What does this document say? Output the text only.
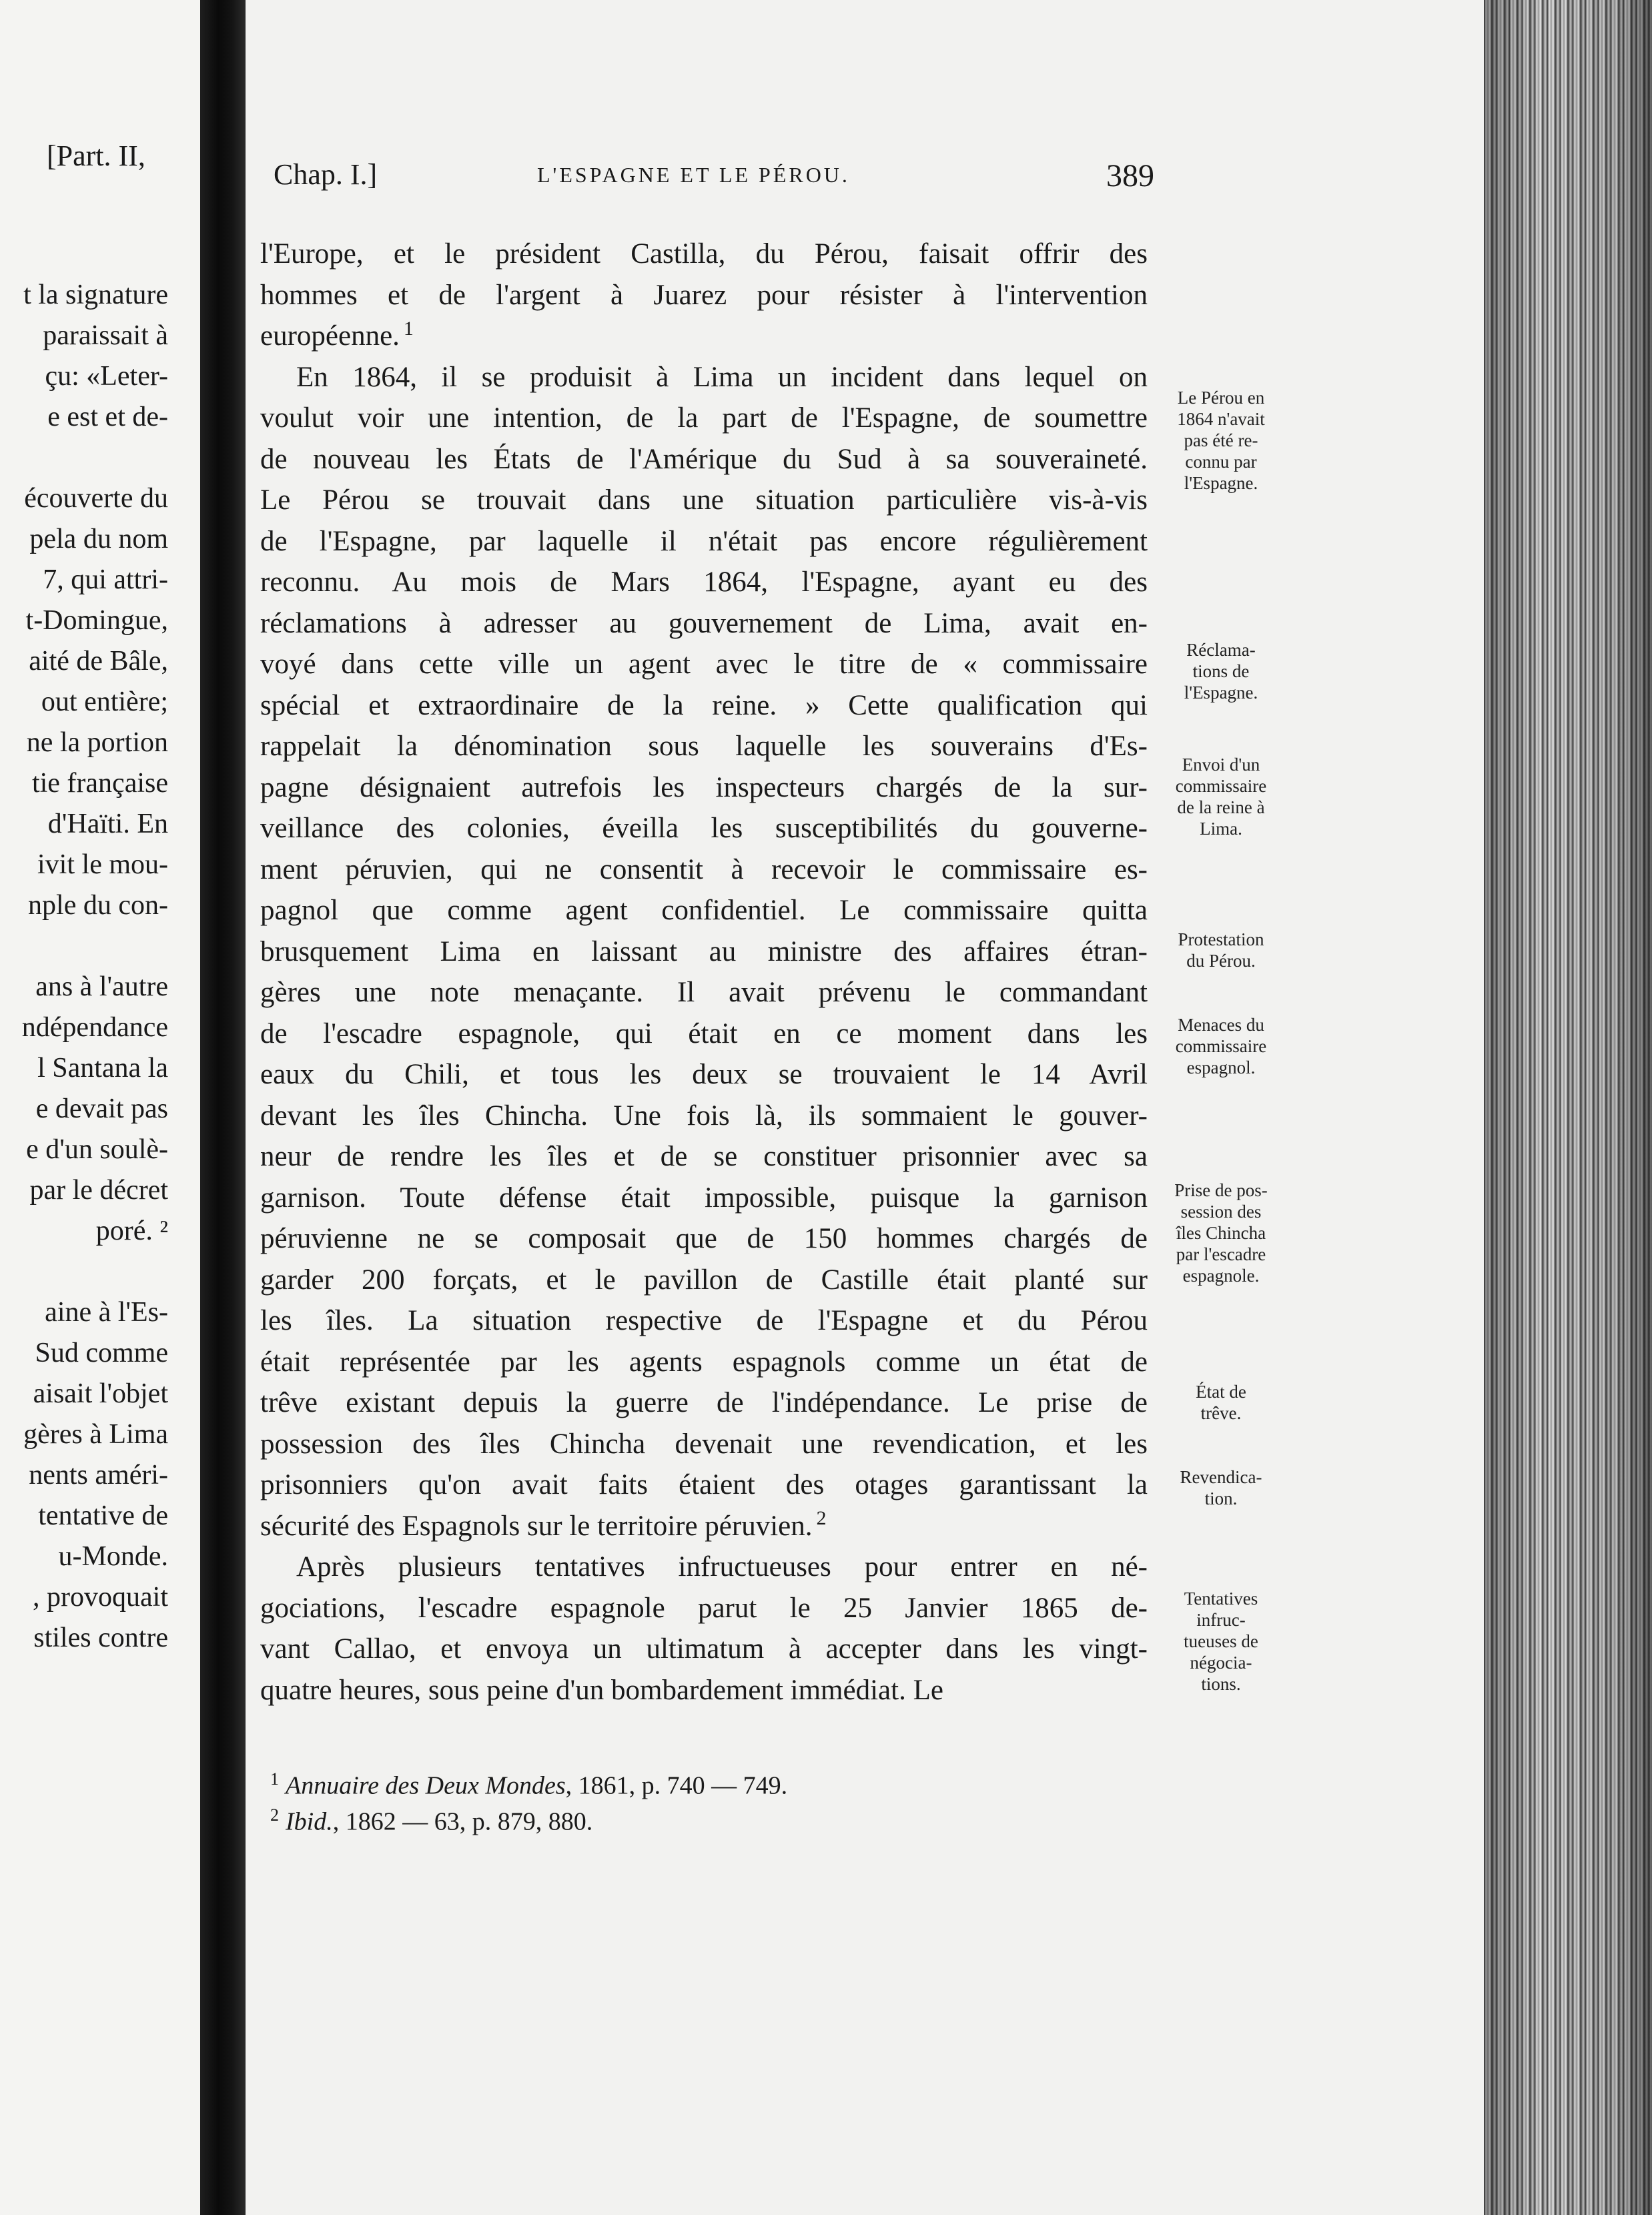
[Part. II,
t la signature
paraissait à
çu: «Leter-
e est et de-

écouverte du
pela du nom
7, qui attri-
t-Domingue,
aité de Bâle,
out entière;
ne la portion
tie française
d'Haïti. En
ivit le mou-
nple du con-

ans à l'autre
ndépendance
l Santana la
e devait pas
e d'un soulè-
par le décret
poré. ²

aine à l'Es-
Sud comme
aisait l'objet
gères à Lima
nents améri-
tentative de
u-Monde.
, provoquait
stiles contre
Chap. I.]	L'ESPAGNE ET LE PÉROU.	389
l'Europe, et le président Castilla, du Pérou, faisait offrir des
hommes et de l'argent à Juarez pour résister à l'intervention
européenne. $^1$
En 1864, il se produisit à Lima un incident dans lequel on
voulut voir une intention, de la part de l'Espagne, de soumettre
de nouveau les États de l'Amérique du Sud à sa souveraineté.
Le Pérou se trouvait dans une situation particulière vis-à-vis
de l'Espagne, par laquelle il n'était pas encore régulièrement
reconnu. Au mois de Mars 1864, l'Espagne, ayant eu des
réclamations à adresser au gouvernement de Lima, avait en-
voyé dans cette ville un agent avec le titre de « commissaire
spécial et extraordinaire de la reine. » Cette qualification qui
rappelait la dénomination sous laquelle les souverains d'Es-
pagne désignaient autrefois les inspecteurs chargés de la sur-
veillance des colonies, éveilla les susceptibilités du gouverne-
ment péruvien, qui ne consentit à recevoir le commissaire es-
pagnol que comme agent confidentiel. Le commissaire quitta
brusquement Lima en laissant au ministre des affaires étran-
gères une note menaçante. Il avait prévenu le commandant
de l'escadre espagnole, qui était en ce moment dans les
eaux du Chili, et tous les deux se trouvaient le 14 Avril
devant les îles Chincha. Une fois là, ils sommaient le gouver-
neur de rendre les îles et de se constituer prisonnier avec sa
garnison. Toute défense était impossible, puisque la garnison
péruvienne ne se composait que de 150 hommes chargés de
garder 200 forçats, et le pavillon de Castille était planté sur
les îles. La situation respective de l'Espagne et du Pérou
était représentée par les agents espagnols comme un état de
trêve existant depuis la guerre de l'indépendance. Le prise de
possession des îles Chincha devenait une revendication, et les
prisonniers qu'on avait faits étaient des otages garantissant la
sécurité des Espagnols sur le territoire péruvien. $^2$
Après plusieurs tentatives infructueuses pour entrer en né-
gociations, l'escadre espagnole parut le 25 Janvier 1865 de-
vant Callao, et envoya un ultimatum à accepter dans les vingt-
quatre heures, sous peine d'un bombardement immédiat. Le
Le Pérou en
1864 n'avait
pas été re-
connu par
l'Espagne.
Réclama-
tions de
l'Espagne.
Envoi d'un
commissaire
de la reine à
Lima.
Protestation
du Pérou.
Menaces du
commissaire
espagnol.
Prise de pos-
session des
îles Chincha
par l'escadre
espagnole.
État de
trêve.
Revendica-
tion.
Tentatives
infruc-
tueuses de
négocia-
tions.
$^1$ Annuaire des Deux Mondes, 1861, p. 740 — 749.
$^2$ Ibid., 1862 — 63, p. 879, 880.
